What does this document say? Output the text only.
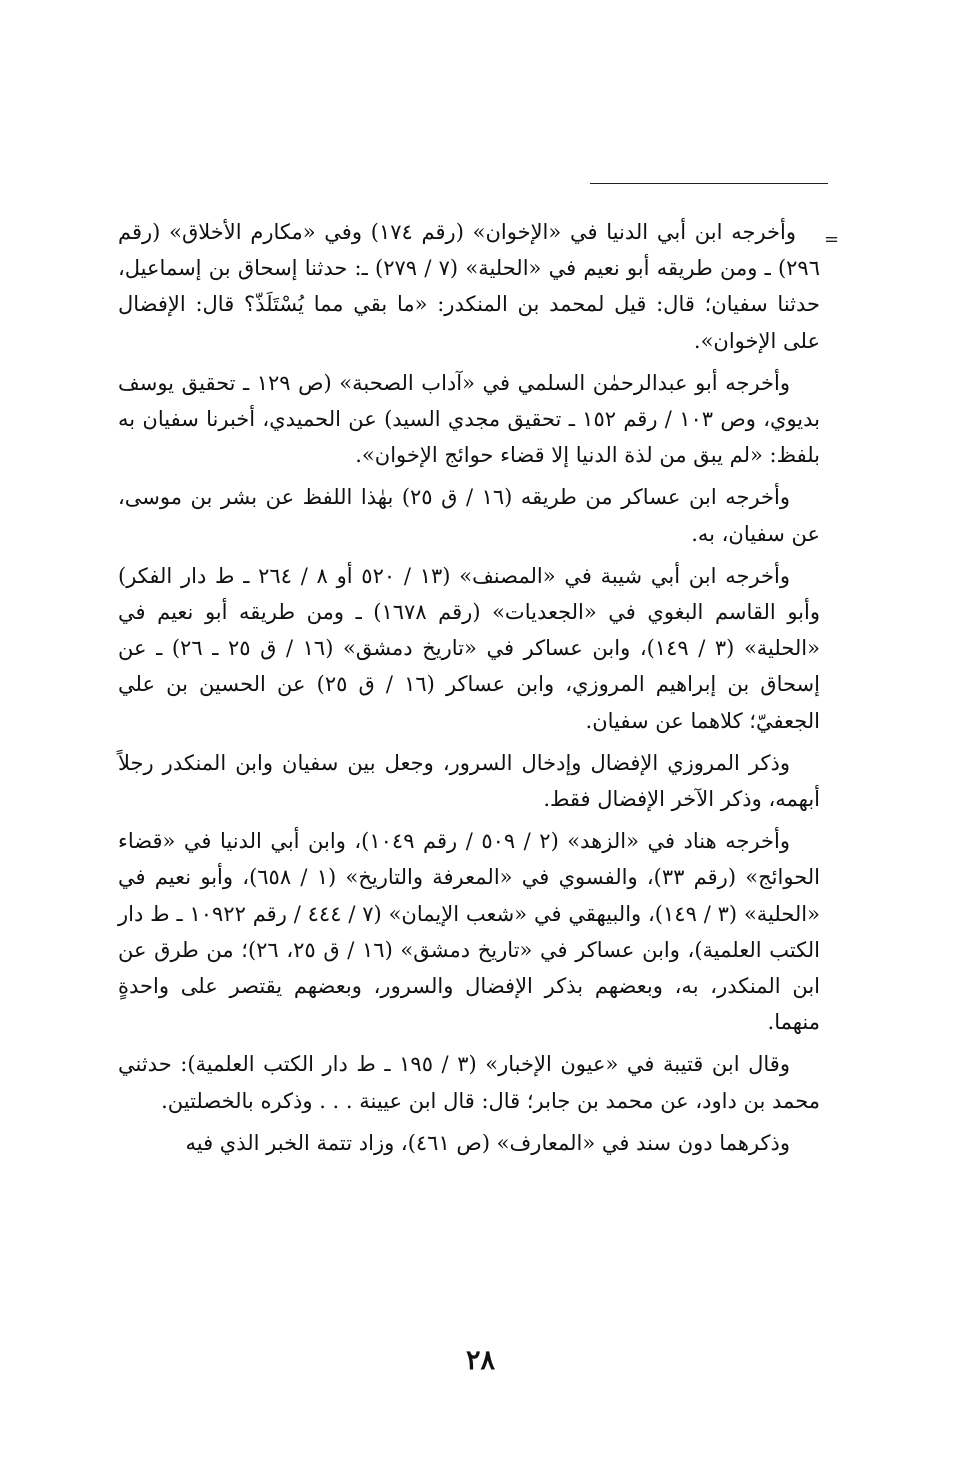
=

وأخرجه ابن أبي الدنيا في «الإخوان» (رقم ١٧٤) وفي «مكارم الأخلاق» (رقم ٢٩٦) ـ ومن طريقه أبو نعيم في «الحلية» (٧ / ٢٧٩) ـ: حدثنا إسحاق بن إسماعيل، حدثنا سفيان؛ قال: قيل لمحمد بن المنكدر: «ما بقي مما يُسْتَلَذّ؟ قال: الإفضال على الإخوان».

وأخرجه أبو عبدالرحمٰن السلمي في «آداب الصحبة» (ص ١٢٩ ـ تحقيق يوسف بديوي، وص ١٠٣ / رقم ١٥٢ ـ تحقيق مجدي السيد) عن الحميدي، أخبرنا سفيان به بلفظ: «لم يبق من لذة الدنيا إلا قضاء حوائج الإخوان».

وأخرجه ابن عساكر من طريقه (١٦ / ق ٢٥) بهٰذا اللفظ عن بشر بن موسى، عن سفيان، به.

وأخرجه ابن أبي شيبة في «المصنف» (١٣ / ٥٢٠ أو ٨ / ٢٦٤ ـ ط دار الفكر) وأبو القاسم البغوي في «الجعديات» (رقم ١٦٧٨) ـ ومن طريقه أبو نعيم في «الحلية» (٣ / ١٤٩)، وابن عساكر في «تاريخ دمشق» (١٦ / ق ٢٥ ـ ٢٦) ـ عن إسحاق بن إبراهيم المروزي، وابن عساكر (١٦ / ق ٢٥) عن الحسين بن علي الجعفيّ؛ كلاهما عن سفيان.

وذكر المروزي الإفضال وإدخال السرور، وجعل بين سفيان وابن المنكدر رجلاً أبهمه، وذكر الآخر الإفضال فقط.

وأخرجه هناد في «الزهد» (٢ / ٥٠٩ / رقم ١٠٤٩)، وابن أبي الدنيا في «قضاء الحوائج» (رقم ٣٣)، والفسوي في «المعرفة والتاريخ» (١ / ٦٥٨)، وأبو نعيم في «الحلية» (٣ / ١٤٩)، والبيهقي في «شعب الإيمان» (٧ / ٤٤٤ / رقم ١٠٩٢٢ ـ ط دار الكتب العلمية)، وابن عساكر في «تاريخ دمشق» (١٦ / ق ٢٥، ٢٦)؛ من طرق عن ابن المنكدر، به، وبعضهم بذكر الإفضال والسرور، وبعضهم يقتصر على واحدةٍ منهما.

وقال ابن قتيبة في «عيون الإخبار» (٣ / ١٩٥ ـ ط دار الكتب العلمية): حدثني محمد بن داود، عن محمد بن جابر؛ قال: قال ابن عيينة . . . وذكره بالخصلتين.

وذكرهما دون سند في «المعارف» (ص ٤٦١)، وزاد تتمة الخبر الذي فيه

٢٨
